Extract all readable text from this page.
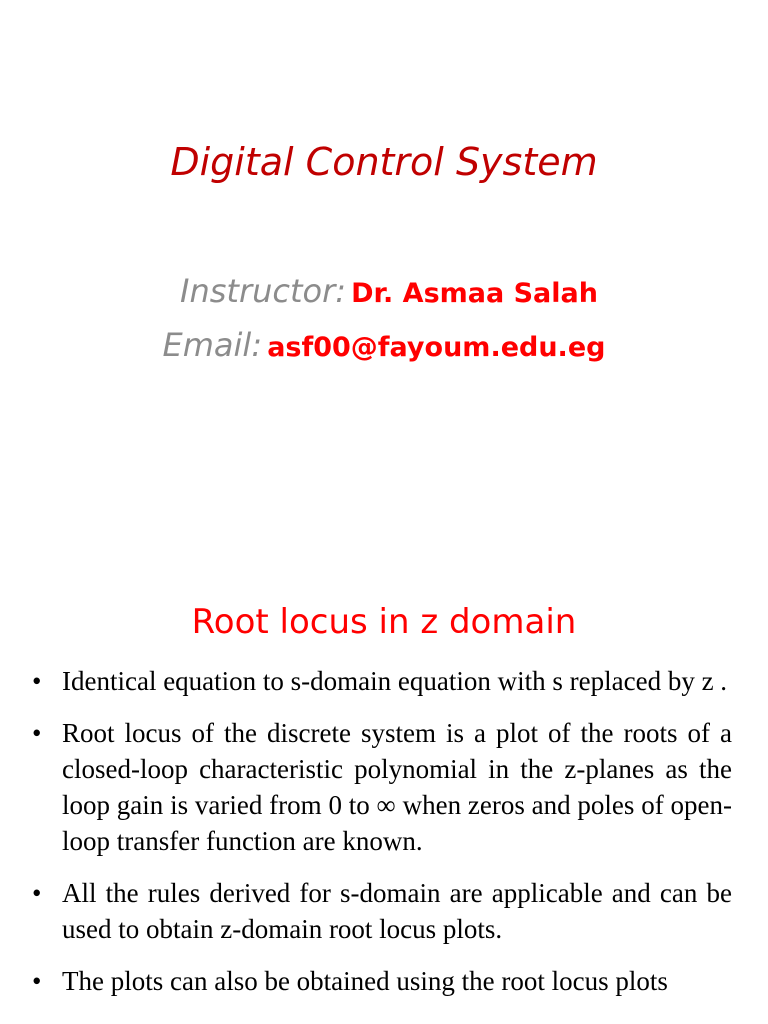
Digital Control System
Instructor: Dr. Asmaa Salah
Email: asf00@fayoum.edu.eg
Root locus in z domain
• Identical equation to s-domain equation with s replaced by z .
• Root locus of the discrete system is a plot of the roots of a closed-loop characteristic polynomial in the z-planes as the loop gain is varied from 0 to ∞ when zeros and poles of open-loop transfer function are known.
• All the rules derived for s-domain are applicable and can be used to obtain z-domain root locus plots.
• The plots can also be obtained using the root locus plots
